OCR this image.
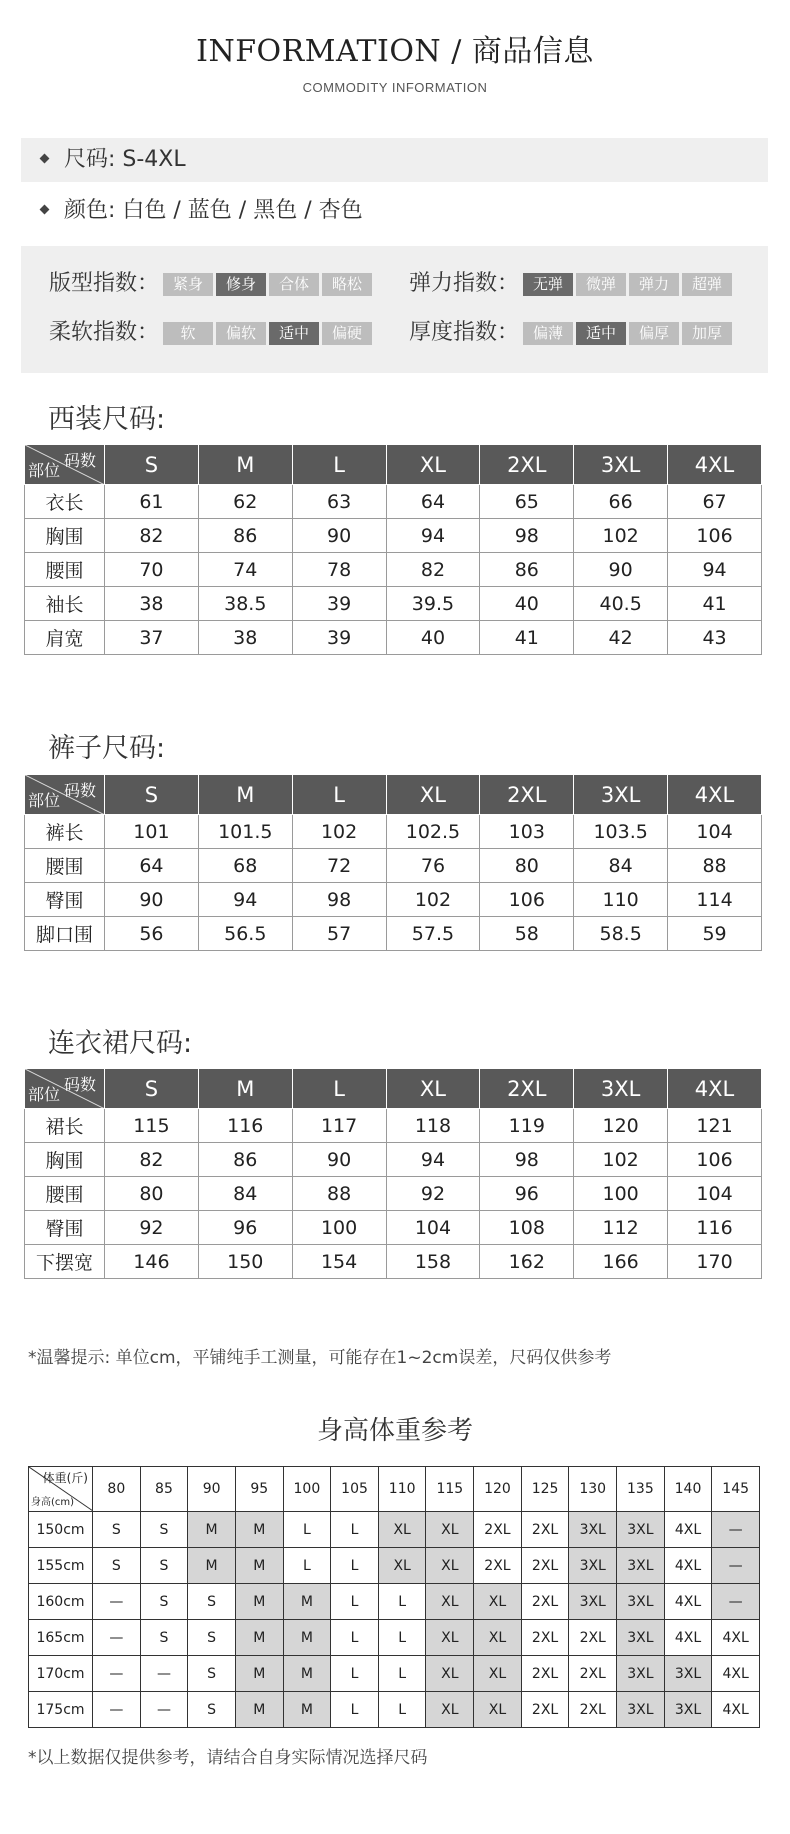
INFORMATION / 商品信息
COMMODITY INFORMATION
尺码: S-4XL
颜色: 白色 / 蓝色 / 黑色 / 杏色
版型指数： 紧身 修身 合体 略松	弹力指数： 无弹 微弹 弹力 超弹
柔软指数： 软 偏软 适中 偏硬	厚度指数： 偏薄 适中 偏厚 加厚
西装尺码:
码数
部位	S	M	L	XL	2XL	3XL	4XL
衣长	61	62	63	64	65	66	67
胸围	82	86	90	94	98	102	106
腰围	70	74	78	82	86	90	94
袖长	38	38.5	39	39.5	40	40.5	41
肩宽	37	38	39	40	41	42	43
裤子尺码:
码数
部位	S	M	L	XL	2XL	3XL	4XL
裤长	101	101.5	102	102.5	103	103.5	104
腰围	64	68	72	76	80	84	88
臀围	90	94	98	102	106	110	114
脚口围	56	56.5	57	57.5	58	58.5	59
连衣裙尺码:
码数
部位	S	M	L	XL	2XL	3XL	4XL
裙长	115	116	117	118	119	120	121
胸围	82	86	90	94	98	102	106
腰围	80	84	88	92	96	100	104
臀围	92	96	100	104	108	112	116
下摆宽	146	150	154	158	162	166	170
*温馨提示: 单位cm，平铺纯手工测量，可能存在1~2cm误差，尺码仅供参考
身高体重参考
体重(斤)
身高(cm)	80	85	90	95	100	105	110	115	120	125	130	135	140	145
150cm	S	S	M	M	L	L	XL	XL	2XL	2XL	3XL	3XL	4XL	—
155cm	S	S	M	M	L	L	XL	XL	2XL	2XL	3XL	3XL	4XL	—
160cm	—	S	S	M	M	L	L	XL	XL	2XL	3XL	3XL	4XL	—
165cm	—	S	S	M	M	L	L	XL	XL	2XL	2XL	3XL	4XL	4XL
170cm	—	—	S	M	M	L	L	XL	XL	2XL	2XL	3XL	3XL	4XL
175cm	—	—	S	M	M	L	L	XL	XL	2XL	2XL	3XL	3XL	4XL
*以上数据仅提供参考，请结合自身实际情况选择尺码
